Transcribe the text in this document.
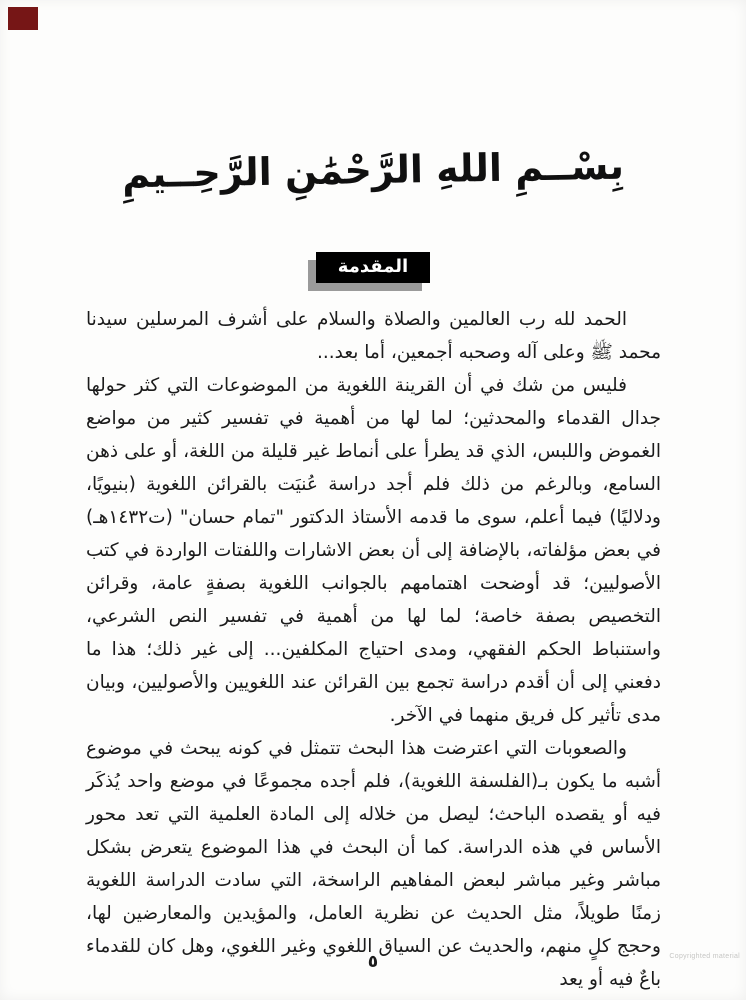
بِسْــمِ اللهِ الرَّحْمَٰنِ الرَّحِــيمِ
المقدمة

الحمد لله رب العالمين والصلاة والسلام على أشرف المرسلين سيدنا محمد ﷺ وعلى آله وصحبه أجمعين، أما بعد...

فليس من شك في أن القرينة اللغوية من الموضوعات التي كثر حولها جدال القدماء والمحدثين؛ لما لها من أهمية في تفسير كثير من مواضع الغموض واللبس، الذي قد يطرأ على أنماط غير قليلة من اللغة، أو على ذهن السامع، وبالرغم من ذلك فلم أجد دراسة عُنيَت بالقرائن اللغوية (بنيويًا، ودلاليًا) فيما أعلم، سوى ما قدمه الأستاذ الدكتور "تمام حسان" (ت١٤٣٢هـ) في بعض مؤلفاته، بالإضافة إلى أن بعض الاشارات واللفتات الواردة في كتب الأصوليين؛ قد أوضحت اهتمامهم بالجوانب اللغوية بصفةٍ عامة، وقرائن التخصيص بصفة خاصة؛ لما لها من أهمية في تفسير النص الشرعي، واستنباط الحكم الفقهي، ومدى احتياج المكلفين... إلى غير ذلك؛ هذا ما دفعني إلى أن أقدم دراسة تجمع بين القرائن عند اللغويين والأصوليين، وبيان مدى تأثير كل فريق منهما في الآخر.

والصعوبات التي اعترضت هذا البحث تتمثل في كونه يبحث في موضوع أشبه ما يكون بـ(الفلسفة اللغوية)، فلم أجده مجموعًا في موضع واحد يُذكَر فيه أو يقصده الباحث؛ ليصل من خلاله إلى المادة العلمية التي تعد محور الأساس في هذه الدراسة. كما أن البحث في هذا الموضوع يتعرض بشكل مباشر وغير مباشر لبعض المفاهيم الراسخة، التي سادت الدراسة اللغوية زمنًا طويلاً، مثل الحديث عن نظرية العامل، والمؤيدين والمعارضين لها، وحجج كلٍ منهم، والحديث عن السياق اللغوي وغير اللغوي، وهل كان للقدماء باعٌ فيه أو يعد

٥	Copyrighted material
